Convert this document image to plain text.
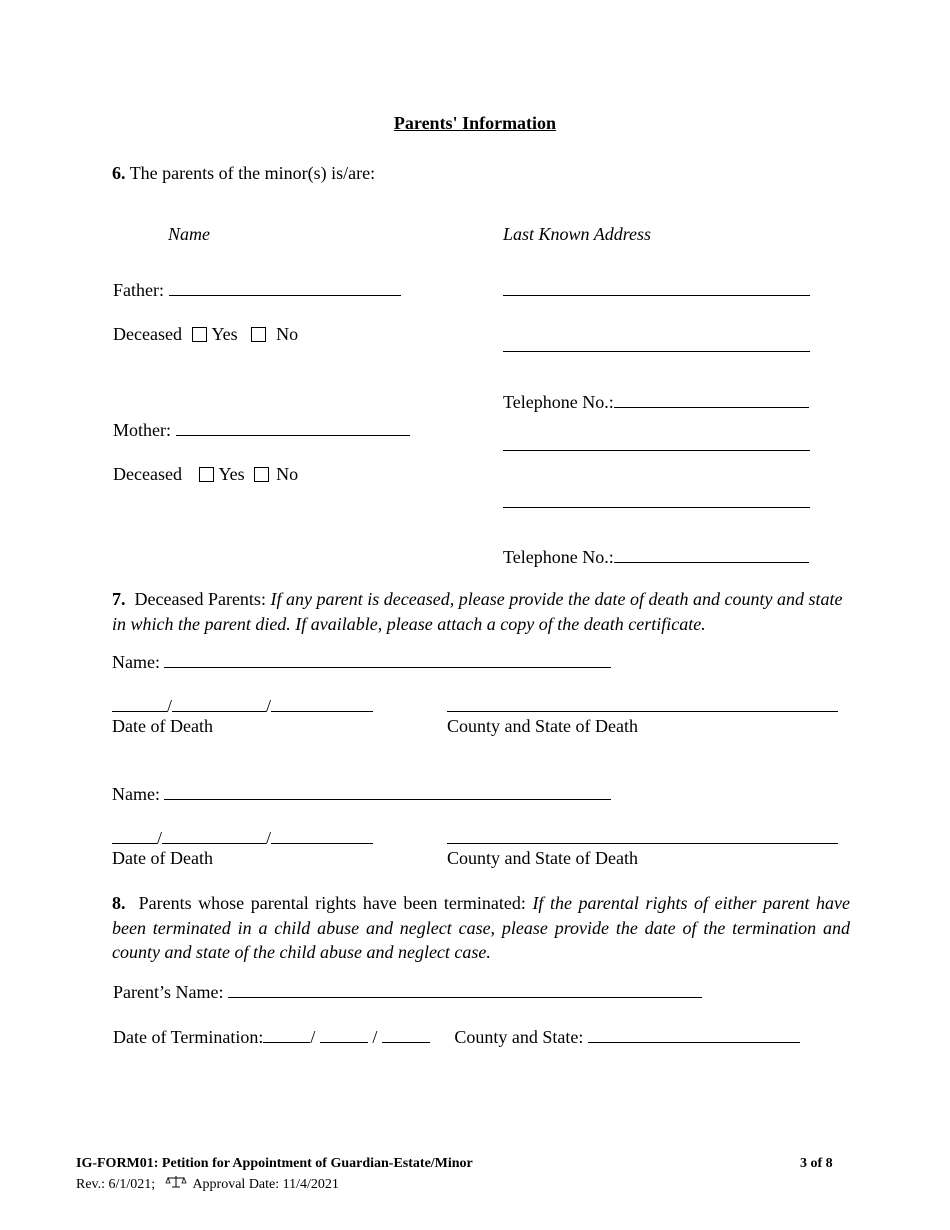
Parents' Information
6. The parents of the minor(s) is/are:
Name	Last Known Address
Father:
Deceased Yes No
Telephone No.:
Mother:
Deceased Yes No
Telephone No.:
7. Deceased Parents: If any parent is deceased, please provide the date of death and county and state in which the parent died. If available, please attach a copy of the death certificate.
Name:
/	/
Date of Death	County and State of Death
Name:
/	/
Date of Death	County and State of Death
8. Parents whose parental rights have been terminated: If the parental rights of either parent have been terminated in a child abuse and neglect case, please provide the date of the termination and county and state of the child abuse and neglect case.
Parent’s Name:
Date of Termination:	/	/	County and State:
IG-FORM01: Petition for Appointment of Guardian-Estate/Minor
Rev.: 6/1/021;	Approval Date: 11/4/2021
3 of 8
